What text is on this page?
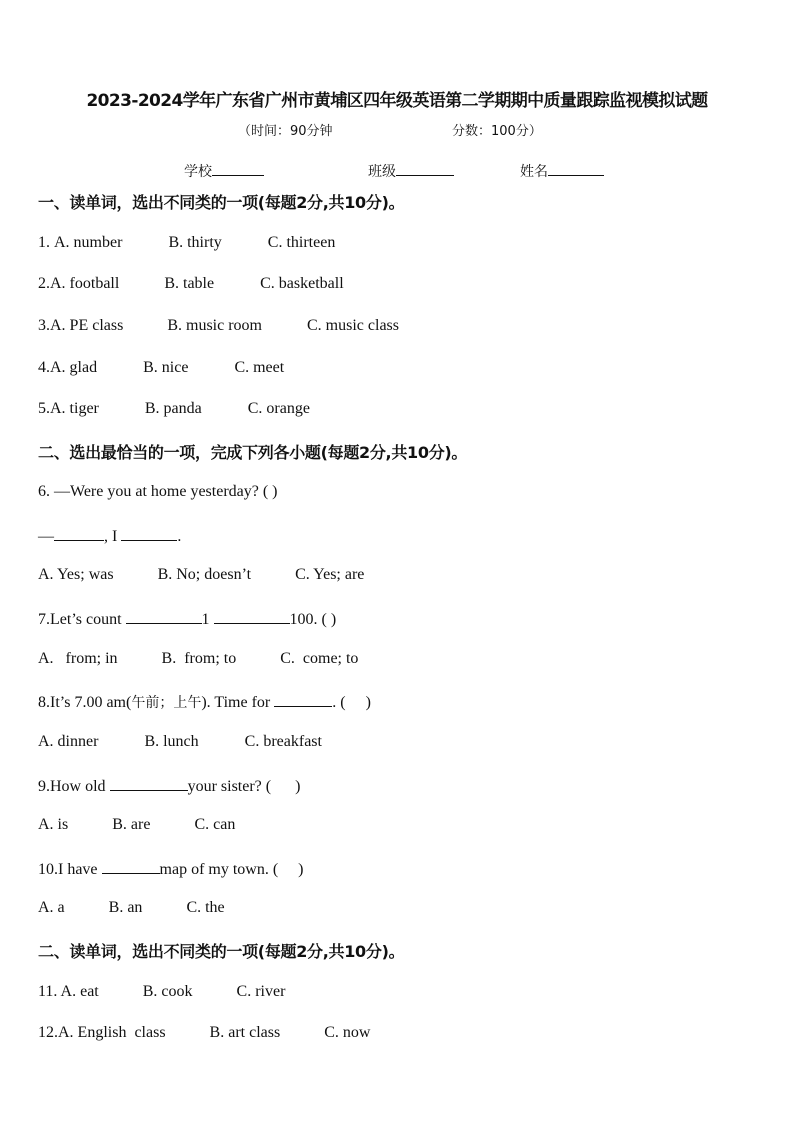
2023-2024学年广东省广州市黄埔区四年级英语第二学期期中质量跟踪监视模拟试题
（时间：90分钟	分数：100分）
学校	班级	姓名
一、读单词，选出不同类的一项(每题2分,共10分)。
1. A. number	B. thirty	C. thirteen
2.A. football	B. table	C. basketball
3.A. PE class	B. music room	C. music class
4.A. glad	B. nice	C. meet
5.A. tiger	B. panda	C. orange
二、选出最恰当的一项，完成下列各小题(每题2分,共10分)。
6. —Were you at home yesterday? ( )
—	, I	.
A. Yes; was	B. No; doesn’t	C. Yes; are
7.Let’s count	1	100. ( )
A.   from; in	B.  from; to	C.  come; to
8.It’s 7.00 am(午前；上午). Time for	. (     )
A. dinner	B. lunch	C. breakfast
9.How old	your sister? (      )
A. is	B. are	C. can
10.I have	map of my town. (     )
A. a	B. an	C. the
二、读单词，选出不同类的一项(每题2分,共10分)。
11. A. eat	B. cook	C. river
12.A. English  class	B. art class	C. now
